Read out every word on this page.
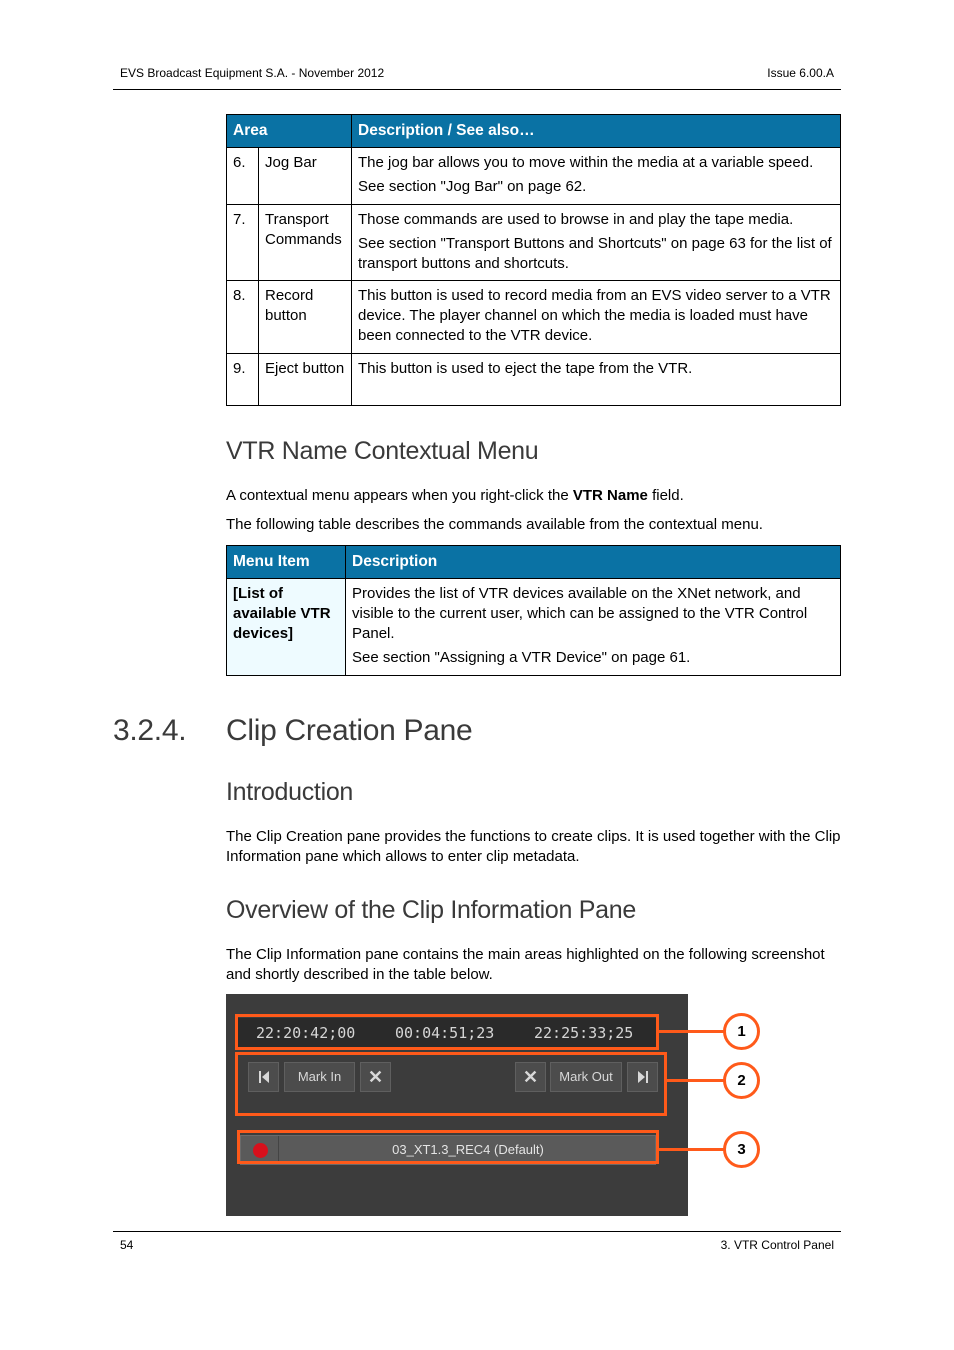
EVS Broadcast Equipment S.A. - November 2012	Issue 6.00.A
Area		Description / See also…
6.	Jog Bar	The jog bar allows you to move within the media at a variable speed.

See section "Jog Bar" on page 62.

7.	Transport Commands	Those commands are used to browse in and play the tape media.

See section "Transport Buttons and Shortcuts" on page 63 for the list of transport buttons and shortcuts.

8.	Record button	This button is used to record media from an EVS video server to a VTR device. The player channel on which the media is loaded must have been connected to the VTR device.

9.	Eject button	This button is used to eject the tape from the VTR.

VTR Name Contextual Menu

A contextual menu appears when you right-click the VTR Name field.

The following table describes the commands available from the contextual menu.

Menu Item	Description
[List of available VTR devices]	Provides the list of VTR devices available on the XNet network, and visible to the current user, which can be assigned to the VTR Control Panel.

See section "Assigning a VTR Device" on page 61.

3.2.4. Clip Creation Pane
Introduction

The Clip Creation pane provides the functions to create clips. It is used together with the Clip Information pane which allows to enter clip metadata.

Overview of the Clip Information Pane

The Clip Information pane contains the main areas highlighted on the following screenshot and shortly described in the table below.

22:20:42;00	00:04:51;23	22:25:33;25
Mark In	✕	✕	Mark Out
03_XT1.3_REC4 (Default)
1
2
3
54	3. VTR Control Panel
